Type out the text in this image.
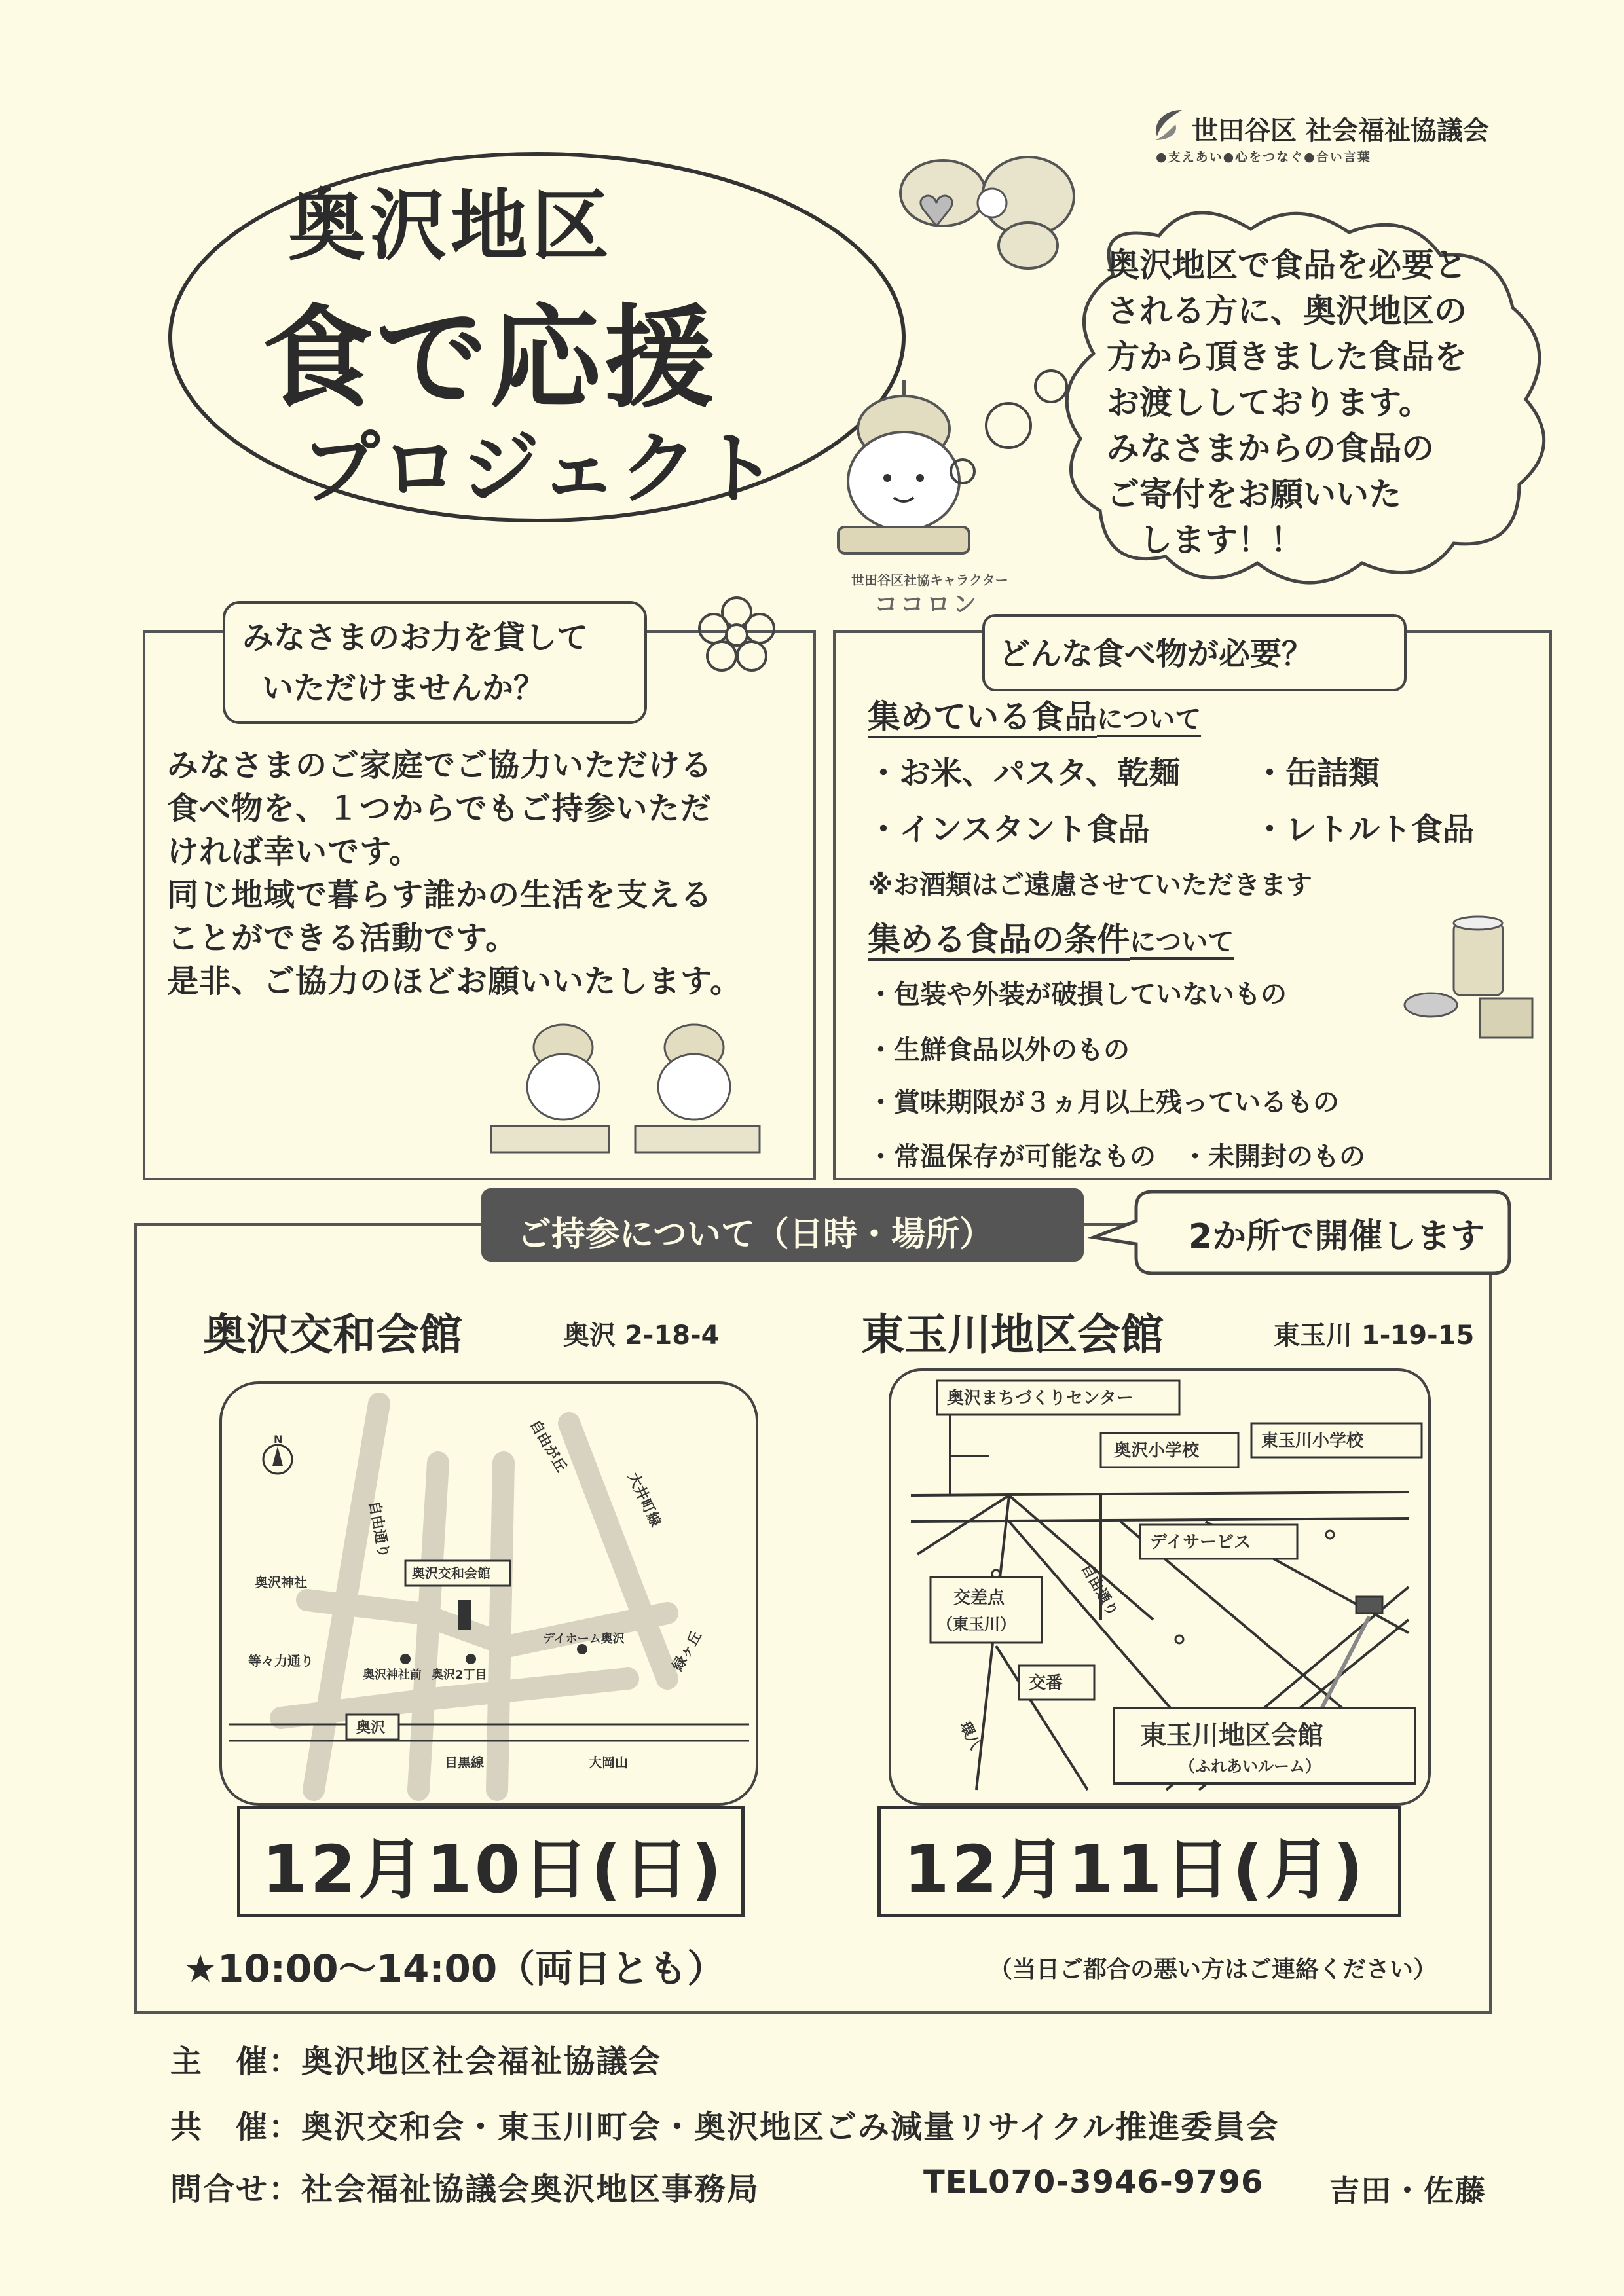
世田谷区 社会福祉協議会
●支えあい●心をつなぐ●合い言葉
奥沢地区
食で応援
プロジェクト
世田谷区社協キャラクター
ココロン
奥沢地区で食品を必要と
される方に、奥沢地区の
方から頂きました食品を
お渡ししております。
みなさまからの食品の
ご寄付をお願いいた
　します！！
みなさまのお力を貸して
いただけませんか？
みなさまのご家庭でご協力いただける
食べ物を、１つからでもご持参いただ
ければ幸いです。
同じ地域で暮らす誰かの生活を支える
ことができる活動です。
是非、ご協力のほどお願いいたします。
どんな食べ物が必要？
集めている食品について
・お米、パスタ、乾麺 ・缶詰類
・インスタント食品	・レトルト食品
※お酒類はご遠慮させていただきます
集める食品の条件について
・包装や外装が破損していないもの
・生鮮食品以外のもの
・賞味期限が３ヵ月以上残っているもの
・常温保存が可能なもの　・未開封のもの
ご持参について（日時・場所）	2か所で開催します
奥沢交和会館	奥沢 2-18-4	東玉川地区会館	東玉川 1-19-15
N	自由が丘
大井町線
自由通り
奥沢交和会館
奥沢神社
等々力通り
奥沢神社前 奥沢2丁目
デイホーム奥沢	緑ヶ丘
奥沢
目黒線	大岡山
奥沢まちづくりセンター
奥沢小学校	東玉川小学校
デイサービス
交差点
（東玉川）
自由通り
交番
環八	東玉川地区会館
（ふれあいルーム）
12月10日(日)	12月11日(月)
★10:00〜14:00（両日とも）	（当日ご都合の悪い方はご連絡ください）
主　催：奥沢地区社会福祉協議会
共　催：奥沢交和会・東玉川町会・奥沢地区ごみ減量リサイクル推進委員会
問合せ：社会福祉協議会奥沢地区事務局	TEL070-3946-9796 吉田・佐藤
